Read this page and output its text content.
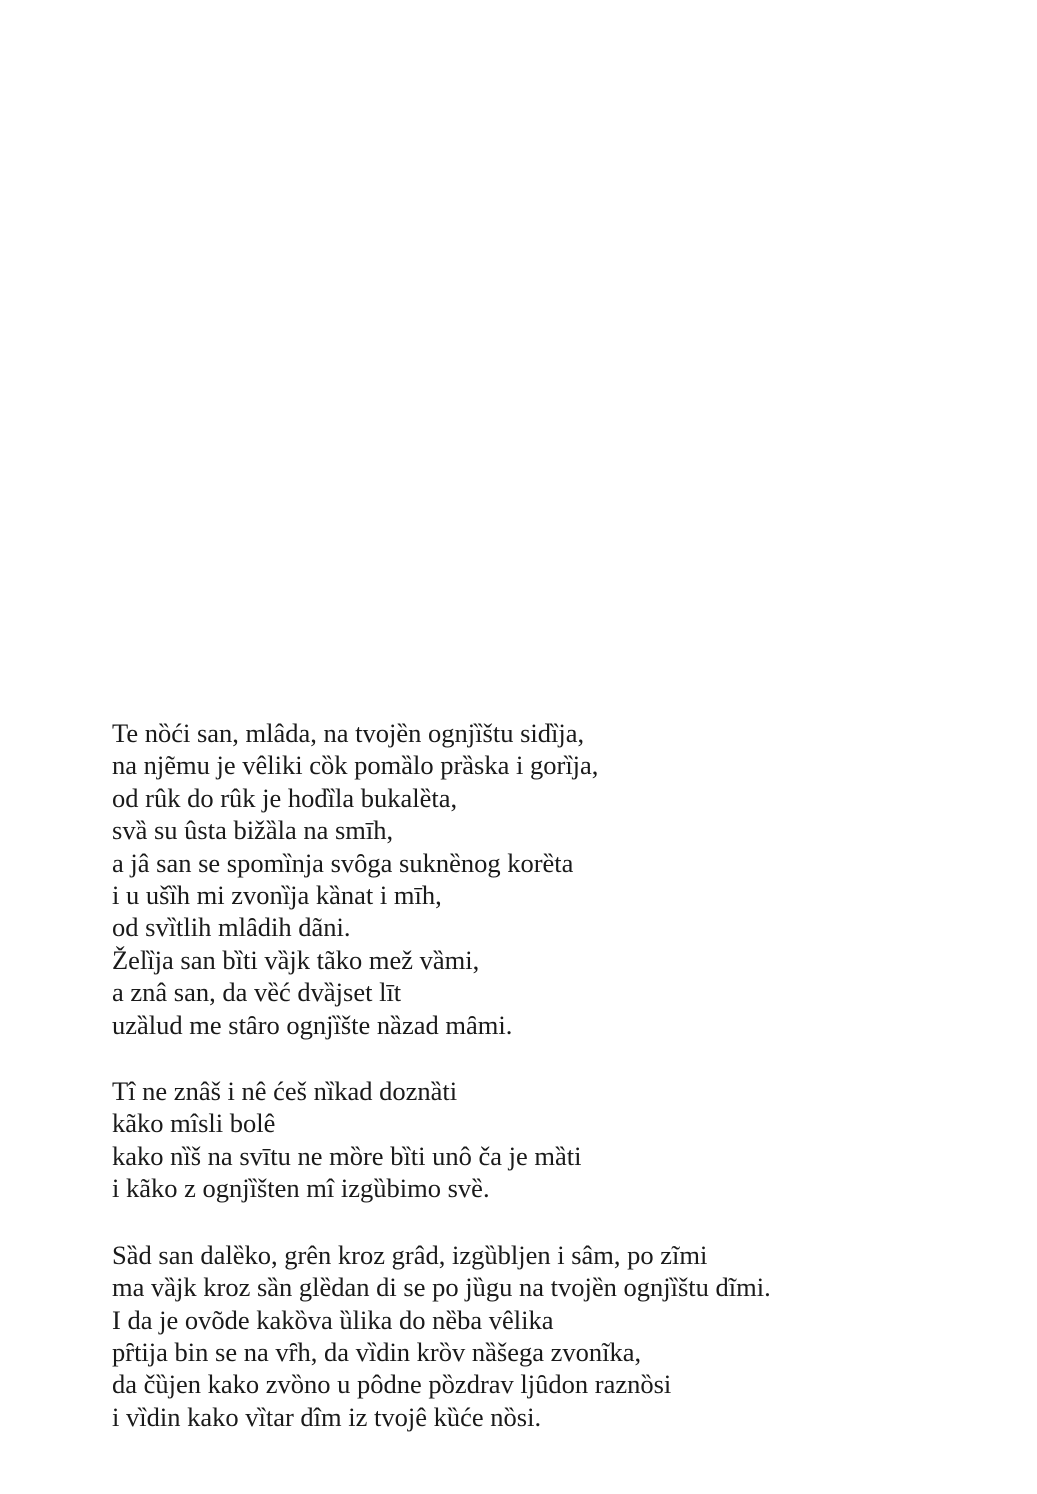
Te nȍći san, mlâda, na tvojȅn ognjȉštu sidȉja,
na njẽmu je vêliki cȍk pomȁlo prȁska i gorȉja,
od rûk do rûk je hodȉla bukalȅta,
svȁ su ûsta bižȁla na smīh,
a jâ san se spomȉnja svȏga suknȅnog korȅta
i u ušȉh mi zvonȉja kȁnat i mīh,
od svȉtlih mlȃdih dãni.
Želȉja san bȉti vȁjk tãko mež vȁmi,
a znâ san, da vȅć dvȁjset līt
uzȁlud me stȃro ognjȉšte nȁzad mȃmi.
Tî ne znâš i nê ćeš nȉkad doznȁti
kãko mîsli bolê
kako nȉš na svītu ne mȍre bȉti unô ča je mȁti
i kãko z ognjȉšten mî izgȕbimo svȅ.
Sȁd san dalȅko, grên kroz grâd, izgȕbljen i sâm, po zĩmi
ma vȁjk kroz sȁn glȅdan di se po jȕgu na tvojȅn ognjȉštu dĩmi.
I da je ovõde kakȍva ȕlika do nȅba vêlika
pȓtija bin se na vȓh, da vȉdin krȍv nȁšega zvonĩka,
da čȕjen kako zvȍno u pôdne pȍzdrav ljȗdon raznȍsi
i vȉdin kako vȉtar dîm iz tvojê kȕće nȍsi.
